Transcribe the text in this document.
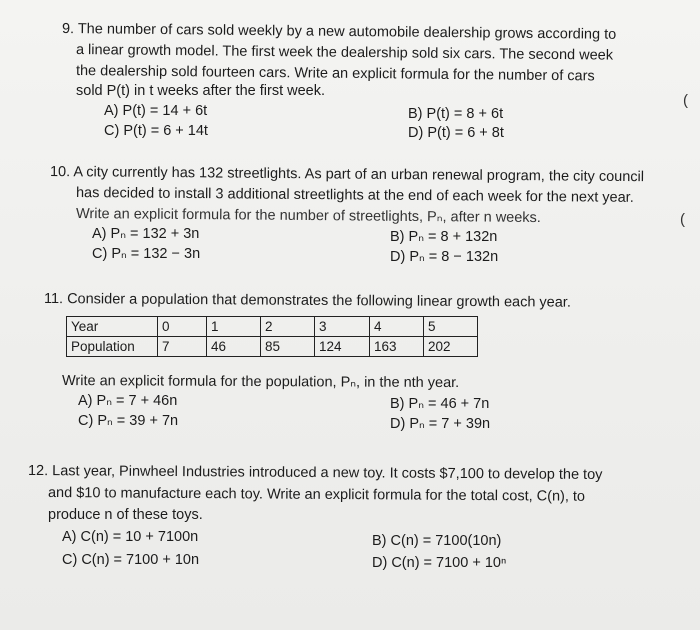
9. The number of cars sold weekly by a new automobile dealership grows according to
a linear growth model. The first week the dealership sold six cars. The second week
the dealership sold fourteen cars. Write an explicit formula for the number of cars
sold P(t) in t weeks after the first week.
A) P(t) = 14 + 6t	B) P(t) = 8 + 6t
C) P(t) = 6 + 14t	D) P(t) = 6 + 8t
(
10. A city currently has 132 streetlights. As part of an urban renewal program, the city council
has decided to install 3 additional streetlights at the end of each week for the next year.
Write an explicit formula for the number of streetlights, Pₙ, after n weeks.
A) Pₙ = 132 + 3n	B) Pₙ = 8 + 132n
C) Pₙ = 132 − 3n	D) Pₙ = 8 − 132n
(
11. Consider a population that demonstrates the following linear growth each year.
Year	0	1	2	3	4	5
Population	7	46	85	124	163	202
Write an explicit formula for the population, Pₙ, in the nth year.
A) Pₙ = 7 + 46n	B) Pₙ = 46 + 7n
C) Pₙ = 39 + 7n	D) Pₙ = 7 + 39n
12. Last year, Pinwheel Industries introduced a new toy. It costs $7,100 to develop the toy
and $10 to manufacture each toy. Write an explicit formula for the total cost, C(n), to
produce n of these toys.
A) C(n) = 10 + 7100n	B) C(n) = 7100(10n)
C) C(n) = 7100 + 10n	D) C(n) = 7100 + 10ⁿ
